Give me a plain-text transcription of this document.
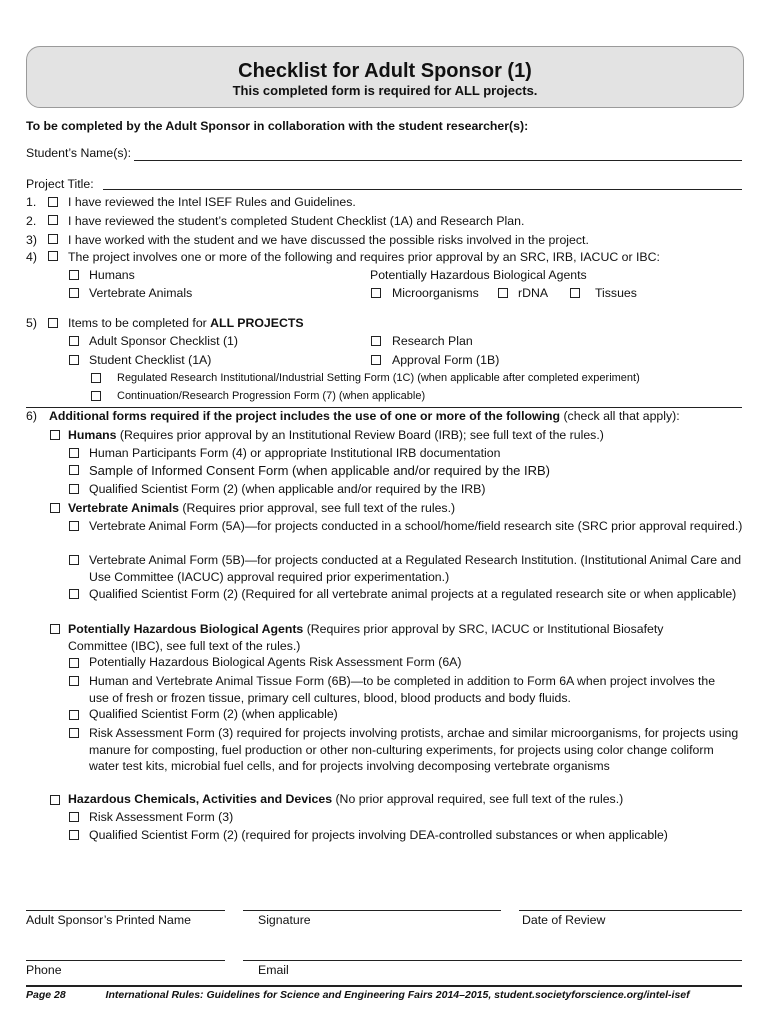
Checklist for Adult Sponsor (1)
This completed form is required for ALL projects.
To be completed by the Adult Sponsor in collaboration with the student researcher(s):
Student’s Name(s):
Project Title:
1.	I have reviewed the Intel ISEF Rules and Guidelines.
2.	I have reviewed the student’s completed Student Checklist (1A) and Research Plan.
3)	I have worked with the student and we have discussed the possible risks involved in the project.
4)	The project involves one or more of the following and requires prior approval by an SRC, IRB, IACUC or IBC:
Humans	Potentially Hazardous Biological Agents
Vertebrate Animals	Microorganisms	rDNA	Tissues
5)	Items to be completed for ALL PROJECTS
Adult Sponsor Checklist (1)	Research Plan
Student Checklist (1A)	Approval Form (1B)
Regulated Research Institutional/Industrial Setting Form (1C) (when applicable after completed experiment)
Continuation/Research Progression Form (7) (when applicable)
6) Additional forms required if the project includes the use of one or more of the following (check all that apply):
Humans (Requires prior approval by an Institutional Review Board (IRB); see full text of the rules.)
Human Participants Form (4) or appropriate Institutional IRB documentation
Sample of Informed Consent Form (when applicable and/or required by the IRB)
Qualified Scientist Form (2) (when applicable and/or required by the IRB)
Vertebrate Animals (Requires prior approval, see full text of the rules.)
Vertebrate Animal Form (5A)—for projects conducted in a school/home/field research site (SRC prior approval required.)
Vertebrate Animal Form (5B)—for projects conducted at a Regulated Research Institution. (Institutional Animal Care and Use Committee (IACUC) approval required prior experimentation.)
Qualified Scientist Form (2) (Required for all vertebrate animal projects at a regulated research site or when applicable)
Potentially Hazardous Biological Agents (Requires prior approval by SRC, IACUC or Institutional Biosafety Committee (IBC), see full text of the rules.)
Potentially Hazardous Biological Agents Risk Assessment Form (6A)
Human and Vertebrate Animal Tissue Form (6B)—to be completed in addition to Form 6A when project involves the use of fresh or frozen tissue, primary cell cultures, blood, blood products and body fluids.
Qualified Scientist Form (2) (when applicable)
Risk Assessment Form (3) required for projects involving protists, archae and similar microorganisms, for projects using manure for composting, fuel production or other non-culturing experiments, for projects using color change coliform water test kits, microbial fuel cells, and for projects involving decomposing vertebrate organisms
Hazardous Chemicals, Activities and Devices (No prior approval required, see full text of the rules.)
Risk Assessment Form (3)
Qualified Scientist Form (2) (required for projects involving DEA-controlled substances or when applicable)
Adult Sponsor’s Printed Name	Signature	Date of Review
Phone	Email
Page 28	International Rules: Guidelines for Science and Engineering Fairs 2014–2015, student.societyforscience.org/intel-isef
